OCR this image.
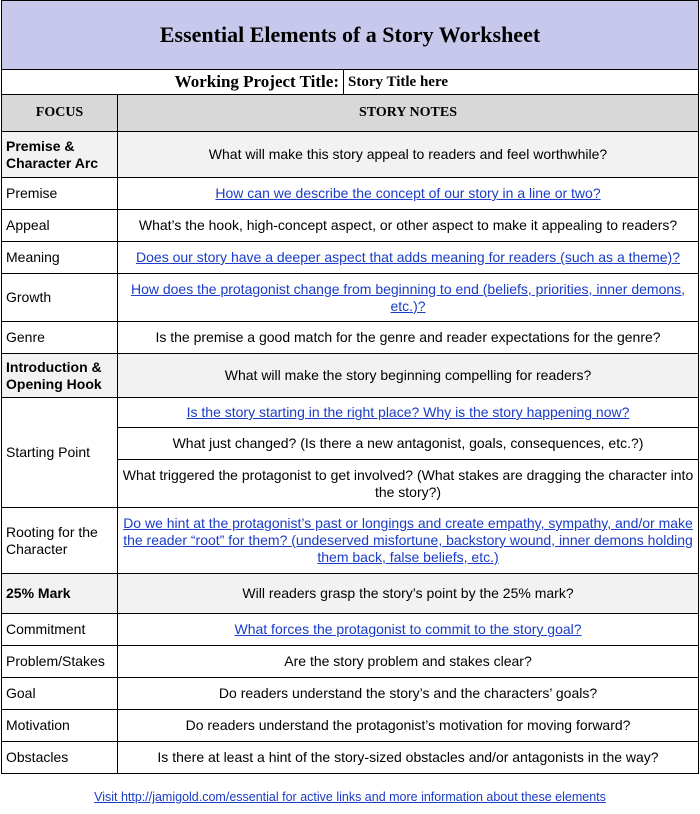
Essential Elements of a Story Worksheet		
Working Project Title:		Story Title here
FOCUS	STORY NOTES	
Premise & Character Arc	What will make this story appeal to readers and feel worthwhile?	
Premise	How can we describe the concept of our story in a line or two?	
Appeal	What’s the hook, high-concept aspect, or other aspect to make it appealing to readers?	
Meaning	Does our story have a deeper aspect that adds meaning for readers (such as a theme)?	
Growth	How does the protagonist change from beginning to end (beliefs, priorities, inner demons, etc.)?	
Genre	Is the premise a good match for the genre and reader expectations for the genre?	
Introduction & Opening Hook	What will make the story beginning compelling for readers?	
Starting Point	Is the story starting in the right place? Why is the story happening now?	
	What just changed? (Is there a new antagonist, goals, consequences, etc.?)	
	What triggered the protagonist to get involved? (What stakes are dragging the character into the story?)	
Rooting for the Character	Do we hint at the protagonist’s past or longings and create empathy, sympathy, and/or make the reader “root” for them? (undeserved misfortune, backstory wound, inner demons holding them back, false beliefs, etc.)	
25% Mark	Will readers grasp the story’s point by the 25% mark?	
Commitment	What forces the protagonist to commit to the story goal?	
Problem/Stakes	Are the story problem and stakes clear?	
Goal	Do readers understand the story’s and the characters’ goals?	
Motivation	Do readers understand the protagonist’s motivation for moving forward?	
Obstacles	Is there at least a hint of the story-sized obstacles and/or antagonists in the way?	
Visit http://jamigold.com/essential for active links and more information about these elements
